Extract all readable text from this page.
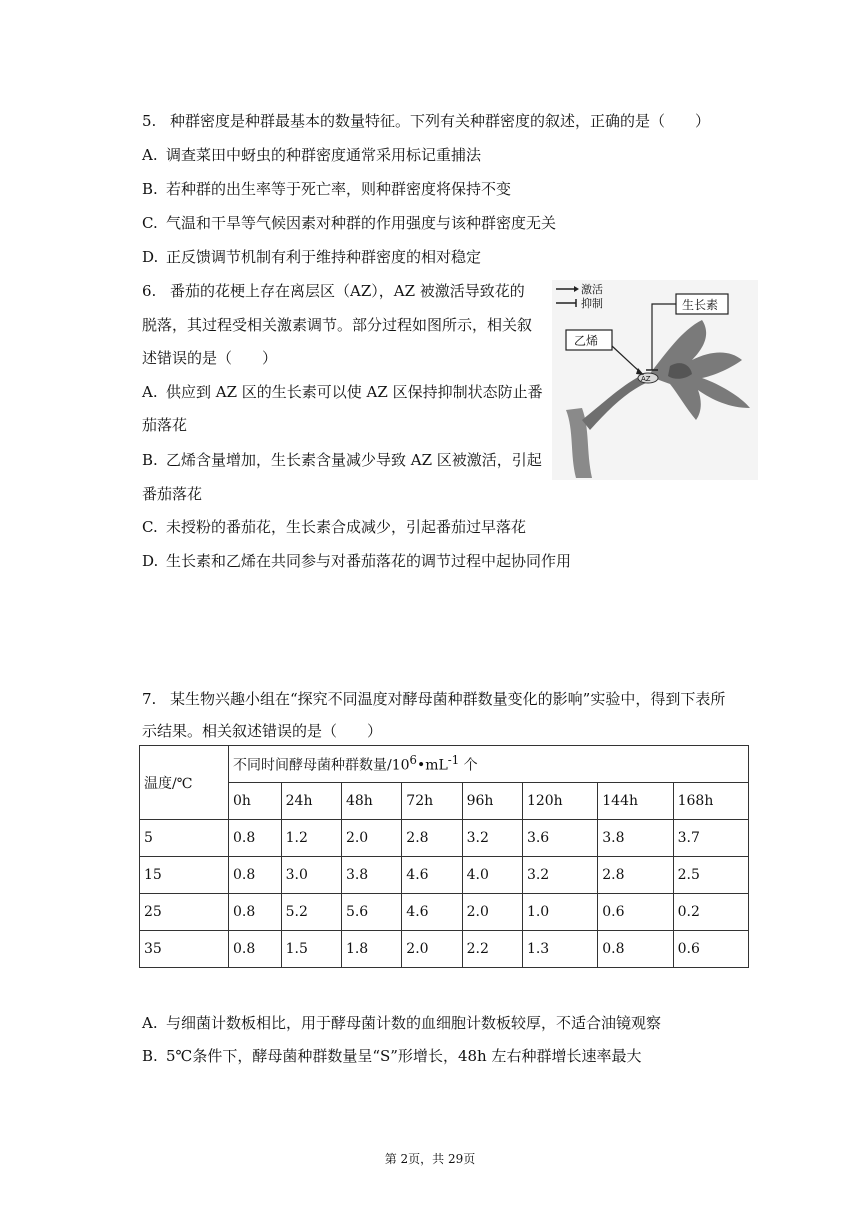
5. 种群密度是种群最基本的数量特征。下列有关种群密度的叙述，正确的是（　　）
A. 调查菜田中蚜虫的种群密度通常采用标记重捕法
B. 若种群的出生率等于死亡率，则种群密度将保持不变
C. 气温和干旱等气候因素对种群的作用强度与该种群密度无关
D. 正反馈调节机制有利于维持种群密度的相对稳定
6. 番茄的花梗上存在离层区（AZ），AZ 被激活导致花的
脱落，其过程受相关激素调节。部分过程如图所示，相关叙
述错误的是（　　）
A. 供应到 AZ 区的生长素可以使 AZ 区保持抑制状态防止番
茄落花
B. 乙烯含量增加，生长素含量减少导致 AZ 区被激活，引起
番茄落花
C. 未授粉的番茄花，生长素合成减少，引起番茄过早落花
D. 生长素和乙烯在共同参与对番茄落花的调节过程中起协同作用
激活
抑制
AZ
生长素
乙烯
7. 某生物兴趣小组在“探究不同温度对酵母菌种群数量变化的影响”实验中，得到下表所
示结果。相关叙述错误的是（　　）
温度/℃	不同时间酵母菌种群数量$/10^6•mL^{-1}$ 个							
	0h	24h	48h	72h	96h	120h	144h	168h
5	0.8	1.2	2.0	2.8	3.2	3.6	3.8	3.7
15	0.8	3.0	3.8	4.6	4.0	3.2	2.8	2.5
25	0.8	5.2	5.6	4.6	2.0	1.0	0.6	0.2
35	0.8	1.5	1.8	2.0	2.2	1.3	0.8	0.6
A. 与细菌计数板相比，用于酵母菌计数的血细胞计数板较厚，不适合油镜观察
B. 5℃条件下，酵母菌种群数量呈“S”形增长，48h 左右种群增长速率最大
第 2页，共 29页
